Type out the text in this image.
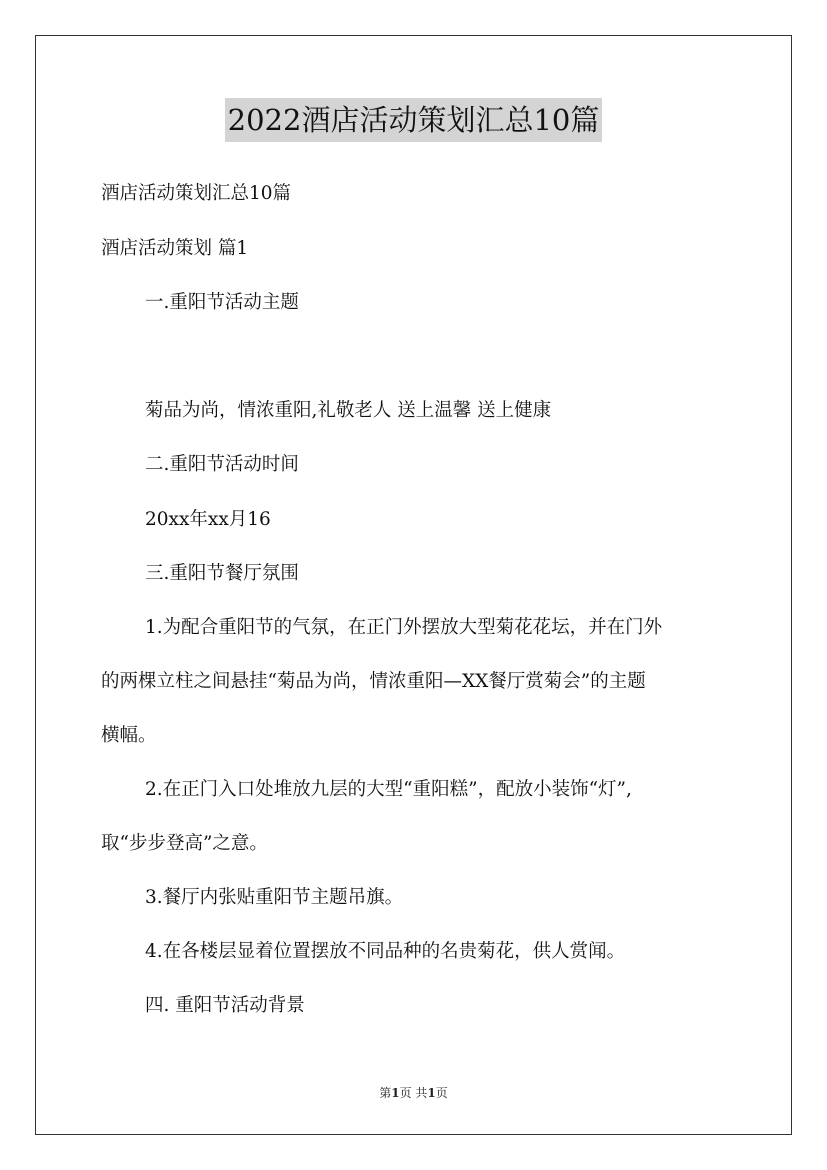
2022酒店活动策划汇总10篇
酒店活动策划汇总10篇
酒店活动策划 篇1
一.重阳节活动主题
菊品为尚，情浓重阳,礼敬老人 送上温馨 送上健康
二.重阳节活动时间
20xx年xx月16
三.重阳节餐厅氛围
1.为配合重阳节的气氛，在正门外摆放大型菊花花坛，并在门外
的两棵立柱之间悬挂“菊品为尚，情浓重阳—XX餐厅赏菊会”的主题
横幅。
2.在正门入口处堆放九层的大型“重阳糕”，配放小装饰“灯”,
取“步步登高”之意。
3.餐厅内张贴重阳节主题吊旗。
4.在各楼层显着位置摆放不同品种的名贵菊花，供人赏闻。
四. 重阳节活动背景
第1页 共1页
